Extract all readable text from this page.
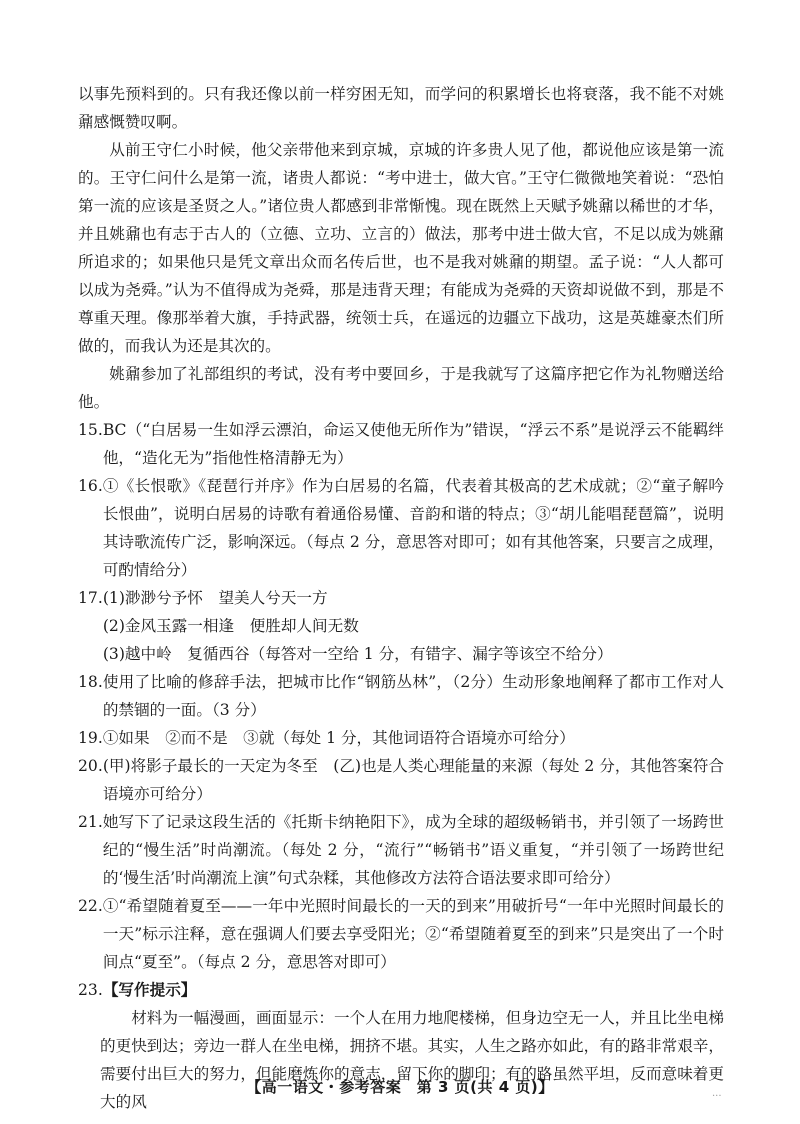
以事先预料到的。只有我还像以前一样穷困无知，而学问的积累增长也将衰落，我不能不对姚鼐感慨赞叹啊。

从前王守仁小时候，他父亲带他来到京城，京城的许多贵人见了他，都说他应该是第一流的。王守仁问什么是第一流，诸贵人都说：“考中进士，做大官。”王守仁微微地笑着说：“恐怕第一流的应该是圣贤之人。”诸位贵人都感到非常惭愧。现在既然上天赋予姚鼐以稀世的才华，并且姚鼐也有志于古人的（立德、立功、立言的）做法，那考中进士做大官，不足以成为姚鼐所追求的；如果他只是凭文章出众而名传后世，也不是我对姚鼐的期望。孟子说：“人人都可以成为尧舜。”认为不值得成为尧舜，那是违背天理；有能成为尧舜的天资却说做不到，那是不尊重天理。像那举着大旗，手持武器，统领士兵，在遥远的边疆立下战功，这是英雄豪杰们所做的，而我认为还是其次的。

姚鼐参加了礼部组织的考试，没有考中要回乡，于是我就写了这篇序把它作为礼物赠送给他。

15. BC（“白居易一生如浮云漂泊，命运又使他无所作为”错误，“浮云不系”是说浮云不能羁绊他，“造化无为”指他性格清静无为）
16. ①《长恨歌》《琵琶行并序》作为白居易的名篇，代表着其极高的艺术成就；②“童子解吟长恨曲”，说明白居易的诗歌有着通俗易懂、音韵和谐的特点；③“胡儿能唱琵琶篇”，说明其诗歌流传广泛，影响深远。（每点 2 分，意思答对即可；如有其他答案，只要言之成理，可酌情给分）
17. (1)渺渺兮予怀　望美人兮天一方

(2)金风玉露一相逢　便胜却人间无数

(3)越中岭　复循西谷（每答对一空给 1 分，有错字、漏字等该空不给分）

18. 使用了比喻的修辞手法，把城市比作“钢筋丛林”，（2分）生动形象地阐释了都市工作对人的禁锢的一面。（3 分）
19. ①如果　②而不是　③就（每处 1 分，其他词语符合语境亦可给分）
20. (甲)将影子最长的一天定为冬至　(乙)也是人类心理能量的来源（每处 2 分，其他答案符合语境亦可给分）
21. 她写下了记录这段生活的《托斯卡纳艳阳下》，成为全球的超级畅销书，并引领了一场跨世纪的“慢生活”时尚潮流。（每处 2 分，“流行”“畅销书”语义重复，“并引领了一场跨世纪的‘慢生活’时尚潮流上演”句式杂糅，其他修改方法符合语法要求即可给分）
22. ①“希望随着夏至——一年中光照时间最长的一天的到来”用破折号“一年中光照时间最长的一天”标示注释，意在强调人们要去享受阳光；②“希望随着夏至的到来”只是突出了一个时间点“夏至”。（每点 2 分，意思答对即可）
23. 【写作提示】

材料为一幅漫画，画面显示：一个人在用力地爬楼梯，但身边空无一人，并且比坐电梯的更快到达；旁边一群人在坐电梯，拥挤不堪。其实，人生之路亦如此，有的路非常艰辛，需要付出巨大的努力，但能磨炼你的意志，留下你的脚印；有的路虽然平坦，反而意味着更大的风

【高一语文・参考答案　第 3 页(共 4 页)】	...
